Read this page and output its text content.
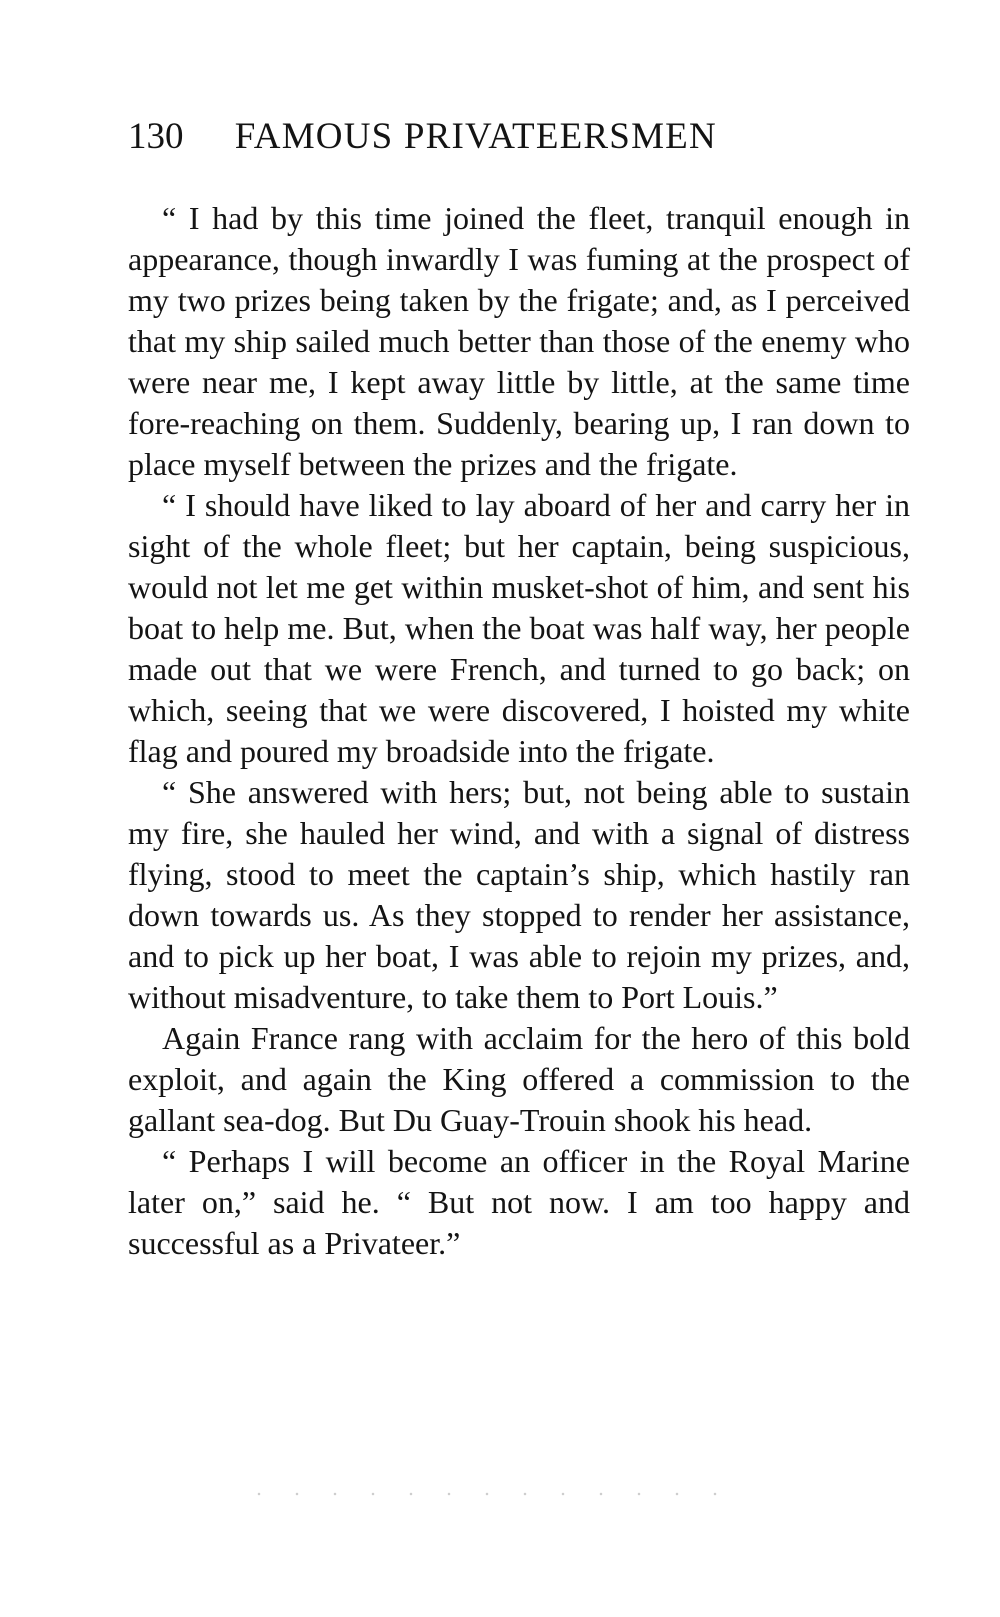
130 FAMOUS PRIVATEERSMEN

“ I had by this time joined the fleet, tranquil enough in appearance, though inwardly I was fuming at the prospect of my two prizes being taken by the frigate; and, as I perceived that my ship sailed much better than those of the enemy who were near me, I kept away little by little, at the same time fore-reaching on them. Suddenly, bearing up, I ran down to place myself between the prizes and the frigate.

“ I should have liked to lay aboard of her and carry her in sight of the whole fleet; but her captain, being suspicious, would not let me get within musket-shot of him, and sent his boat to help me. But, when the boat was half way, her people made out that we were French, and turned to go back; on which, seeing that we were discovered, I hoisted my white flag and poured my broadside into the frigate.

“ She answered with hers; but, not being able to sustain my fire, she hauled her wind, and with a signal of distress flying, stood to meet the captain’s ship, which hastily ran down towards us. As they stopped to render her assistance, and to pick up her boat, I was able to rejoin my prizes, and, without misadventure, to take them to Port Louis.”

Again France rang with acclaim for the hero of this bold exploit, and again the King offered a commission to the gallant sea-dog. But Du Guay-Trouin shook his head.

“ Perhaps I will become an officer in the Royal Marine later on,” said he. “ But not now. I am too happy and successful as a Privateer.”
